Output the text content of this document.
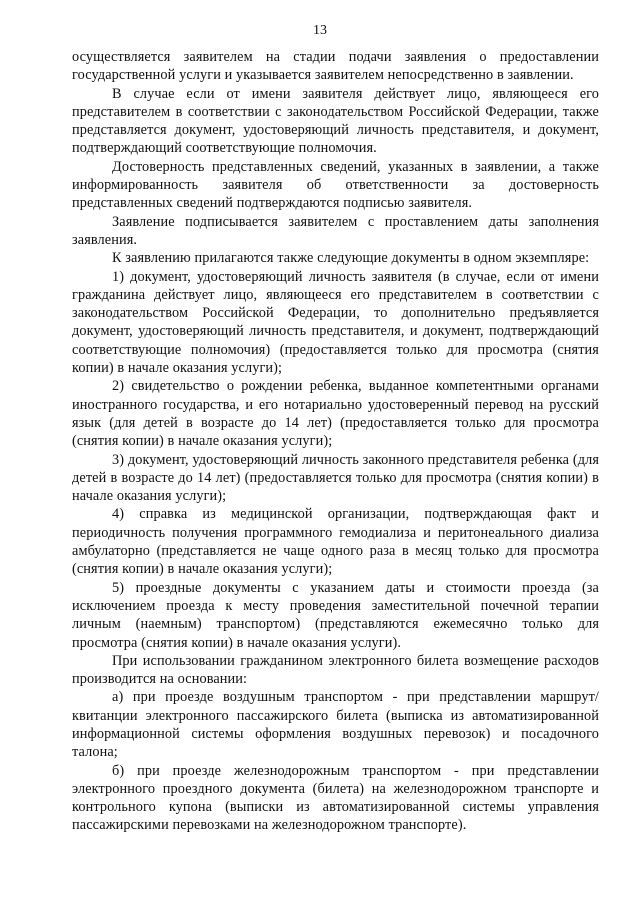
13

осуществляется заявителем на стадии подачи заявления о предоставлении государственной услуги и указывается заявителем непосредственно в заявлении.

В случае если от имени заявителя действует лицо, являющееся его представителем в соответствии с законодательством Российской Федерации, также представляется документ, удостоверяющий личность представителя, и документ, подтверждающий соответствующие полномочия.

Достоверность представленных сведений, указанных в заявлении, а также информированность заявителя об ответственности за достоверность представленных сведений подтверждаются подписью заявителя.

Заявление подписывается заявителем с проставлением даты заполнения заявления.

К заявлению прилагаются также следующие документы в одном экземпляре:

1) документ, удостоверяющий личность заявителя (в случае, если от имени гражданина действует лицо, являющееся его представителем в соответствии с законодательством Российской Федерации, то дополнительно предъявляется документ, удостоверяющий личность представителя, и документ, подтверждающий соответствующие полномочия) (предоставляется только для просмотра (снятия копии) в начале оказания услуги);

2) свидетельство о рождении ребенка, выданное компетентными органами иностранного государства, и его нотариально удостоверенный перевод на русский язык (для детей в возрасте до 14 лет) (предоставляется только для просмотра (снятия копии) в начале оказания услуги);

3) документ, удостоверяющий личность законного представителя ребенка (для детей в возрасте до 14 лет) (предоставляется только для просмотра (снятия копии) в начале оказания услуги);

4) справка из медицинской организации, подтверждающая факт и периодичность получения программного гемодиализа и перитонеального диализа амбулаторно (представляется не чаще одного раза в месяц только для просмотра (снятия копии) в начале оказания услуги);

5) проездные документы с указанием даты и стоимости проезда (за исключением проезда к месту проведения заместительной почечной терапии личным (наемным) транспортом) (представляются ежемесячно только для просмотра (снятия копии) в начале оказания услуги).

При использовании гражданином электронного билета возмещение расходов производится на основании:

а) при проезде воздушным транспортом - при представлении маршрут/квитанции электронного пассажирского билета (выписка из автоматизированной информационной системы оформления воздушных перевозок) и посадочного талона;

б) при проезде железнодорожным транспортом - при представлении электронного проездного документа (билета) на железнодорожном транспорте и контрольного купона (выписки из автоматизированной системы управления пассажирскими перевозками на железнодорожном транспорте).
